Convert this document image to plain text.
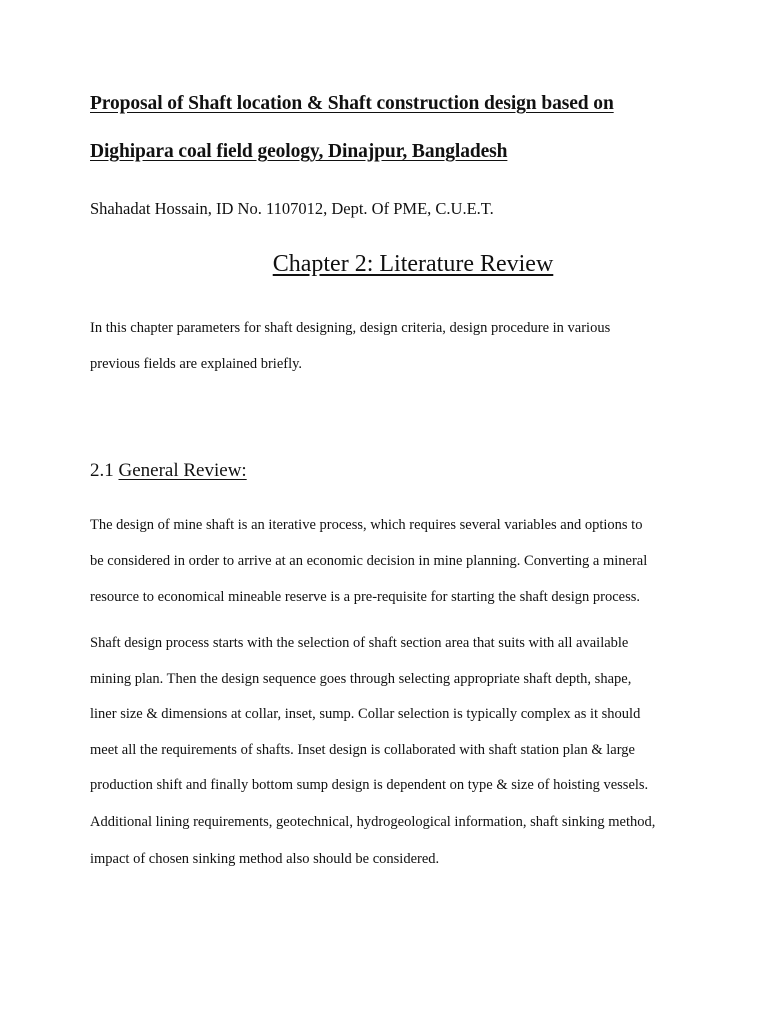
Proposal of Shaft location & Shaft construction design based on

Dighipara coal field geology, Dinajpur, Bangladesh

Shahadat Hossain, ID No. 1107012, Dept. Of PME, C.U.E.T.

Chapter 2: Literature Review

In this chapter parameters for shaft designing, design criteria, design procedure in various

previous fields are explained briefly.

2.1 General Review:

The design of mine shaft is an iterative process, which requires several variables and options to

be considered in order to arrive at an economic decision in mine planning. Converting a mineral

resource to economical mineable reserve is a pre-requisite for starting the shaft design process.

Shaft design process starts with the selection of shaft section area that suits with all available

mining plan. Then the design sequence goes through selecting appropriate shaft depth, shape,

liner size & dimensions at collar, inset, sump. Collar selection is typically complex as it should

meet all the requirements of shafts. Inset design is collaborated with shaft station plan & large

production shift and finally bottom sump design is dependent on type & size of hoisting vessels.

Additional lining requirements, geotechnical, hydrogeological information, shaft sinking method,

impact of chosen sinking method also should be considered.
